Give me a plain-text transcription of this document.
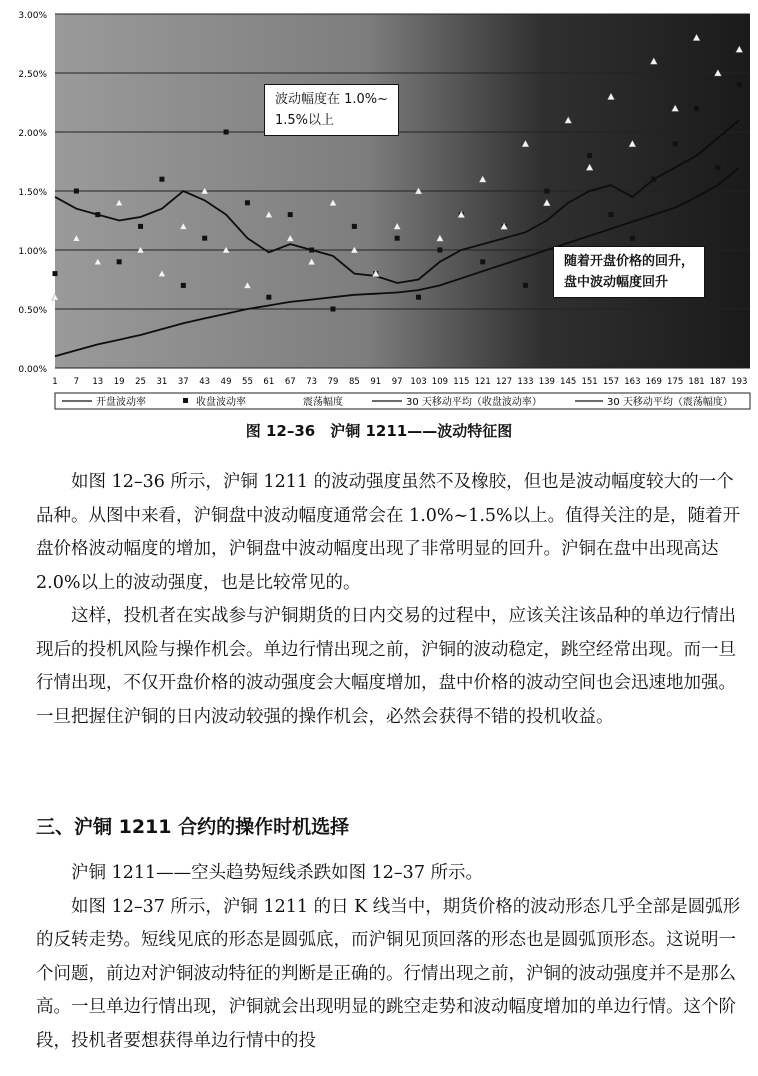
0.00%
0.50%
1.00%
1.50%
2.00%
2.50%
3.00%
1 7 13 19 25 31 37 43 49 55 61 67 73 79 85 91 97 103 109 115 121 127 133 139 145 151 157 163 169 175 181 187 193
开盘波动率	收盘波动率	震荡幅度	30 天移动平均（收盘波动率）	30 天移动平均（震荡幅度）
波动幅度在 1.0%~
1.5%以上
随着开盘价格的回升，
盘中波动幅度回升
图 12–36　沪铜 1211——波动特征图

如图 12–36 所示，沪铜 1211 的波动强度虽然不及橡胶，但也是波动幅度较大的一个品种。从图中来看，沪铜盘中波动幅度通常会在 1.0%~1.5%以上。值得关注的是，随着开盘价格波动幅度的增加，沪铜盘中波动幅度出现了非常明显的回升。沪铜在盘中出现高达 2.0%以上的波动强度，也是比较常见的。

这样，投机者在实战参与沪铜期货的日内交易的过程中，应该关注该品种的单边行情出现后的投机风险与操作机会。单边行情出现之前，沪铜的波动稳定，跳空经常出现。而一旦行情出现，不仅开盘价格的波动强度会大幅度增加，盘中价格的波动空间也会迅速地加强。一旦把握住沪铜的日内波动较强的操作机会，必然会获得不错的投机收益。

三、沪铜 1211 合约的操作时机选择

沪铜 1211——空头趋势短线杀跌如图 12–37 所示。

如图 12–37 所示，沪铜 1211 的日 K 线当中，期货价格的波动形态几乎全部是圆弧形的反转走势。短线见底的形态是圆弧底，而沪铜见顶回落的形态也是圆弧顶形态。这说明一个问题，前边对沪铜波动特征的判断是正确的。行情出现之前，沪铜的波动强度并不是那么高。一旦单边行情出现，沪铜就会出现明显的跳空走势和波动幅度增加的单边行情。这个阶段，投机者要想获得单边行情中的投
